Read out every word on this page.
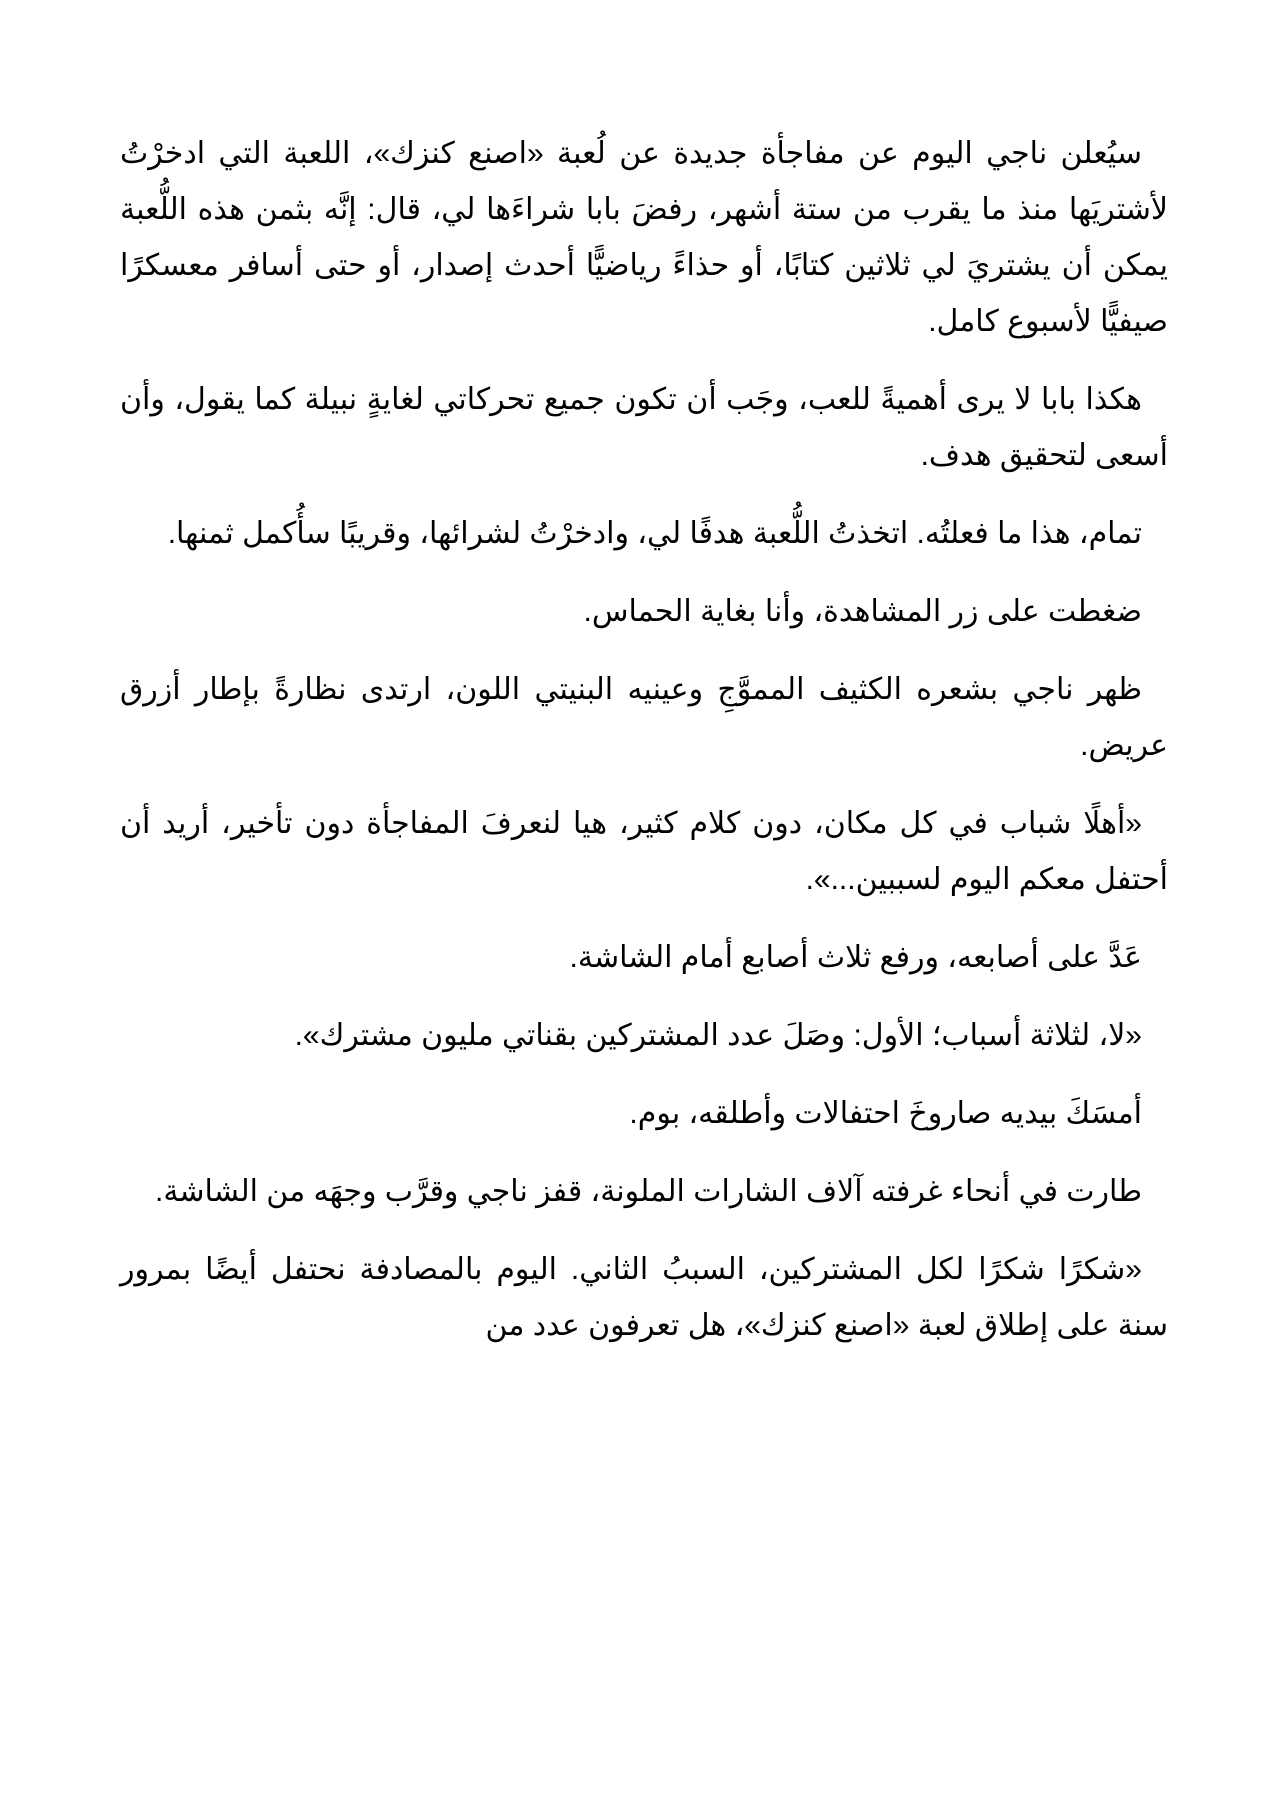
سيُعلن ناجي اليوم عن مفاجأة جديدة عن لُعبة «اصنع كنزك»، اللعبة التي ادخرْتُ لأشتريَها منذ ما يقرب من ستة أشهر، رفضَ بابا شراءَها لي، قال: إنَّه بثمن هذه اللُّعبة يمكن أن يشتريَ لي ثلاثين كتابًا، أو حذاءً رياضيًّا أحدث إصدار، أو حتى أسافر معسكرًا صيفيًّا لأسبوع كامل.

هكذا بابا لا يرى أهميةً للعب، وجَب أن تكون جميع تحركاتي لغايةٍ نبيلة كما يقول، وأن أسعى لتحقيق هدف.

تمام، هذا ما فعلتُه. اتخذتُ اللُّعبة هدفًا لي، وادخرْتُ لشرائها، وقريبًا سأُكمل ثمنها.

ضغطت على زر المشاهدة، وأنا بغاية الحماس.

ظهر ناجي بشعره الكثيف المموَّجِ وعينيه البنيتي اللون، ارتدى نظارةً بإطار أزرق عريض.

«أهلًا شباب في كل مكان، دون كلام كثير، هيا لنعرفَ المفاجأة دون تأخير، أريد أن أحتفل معكم اليوم لسببين...».

عَدَّ على أصابعه، ورفع ثلاث أصابع أمام الشاشة.

«لا، لثلاثة أسباب؛ الأول: وصَلَ عدد المشتركين بقناتي مليون مشترك».

أمسَكَ بيديه صاروخَ احتفالات وأطلقه، بوم.

طارت في أنحاء غرفته آلاف الشارات الملونة، قفز ناجي وقرَّب وجهَه من الشاشة.

«شكرًا شكرًا لكل المشتركين، السببُ الثاني. اليوم بالمصادفة نحتفل أيضًا بمرور سنة على إطلاق لعبة «اصنع كنزك»، هل تعرفون عدد من
